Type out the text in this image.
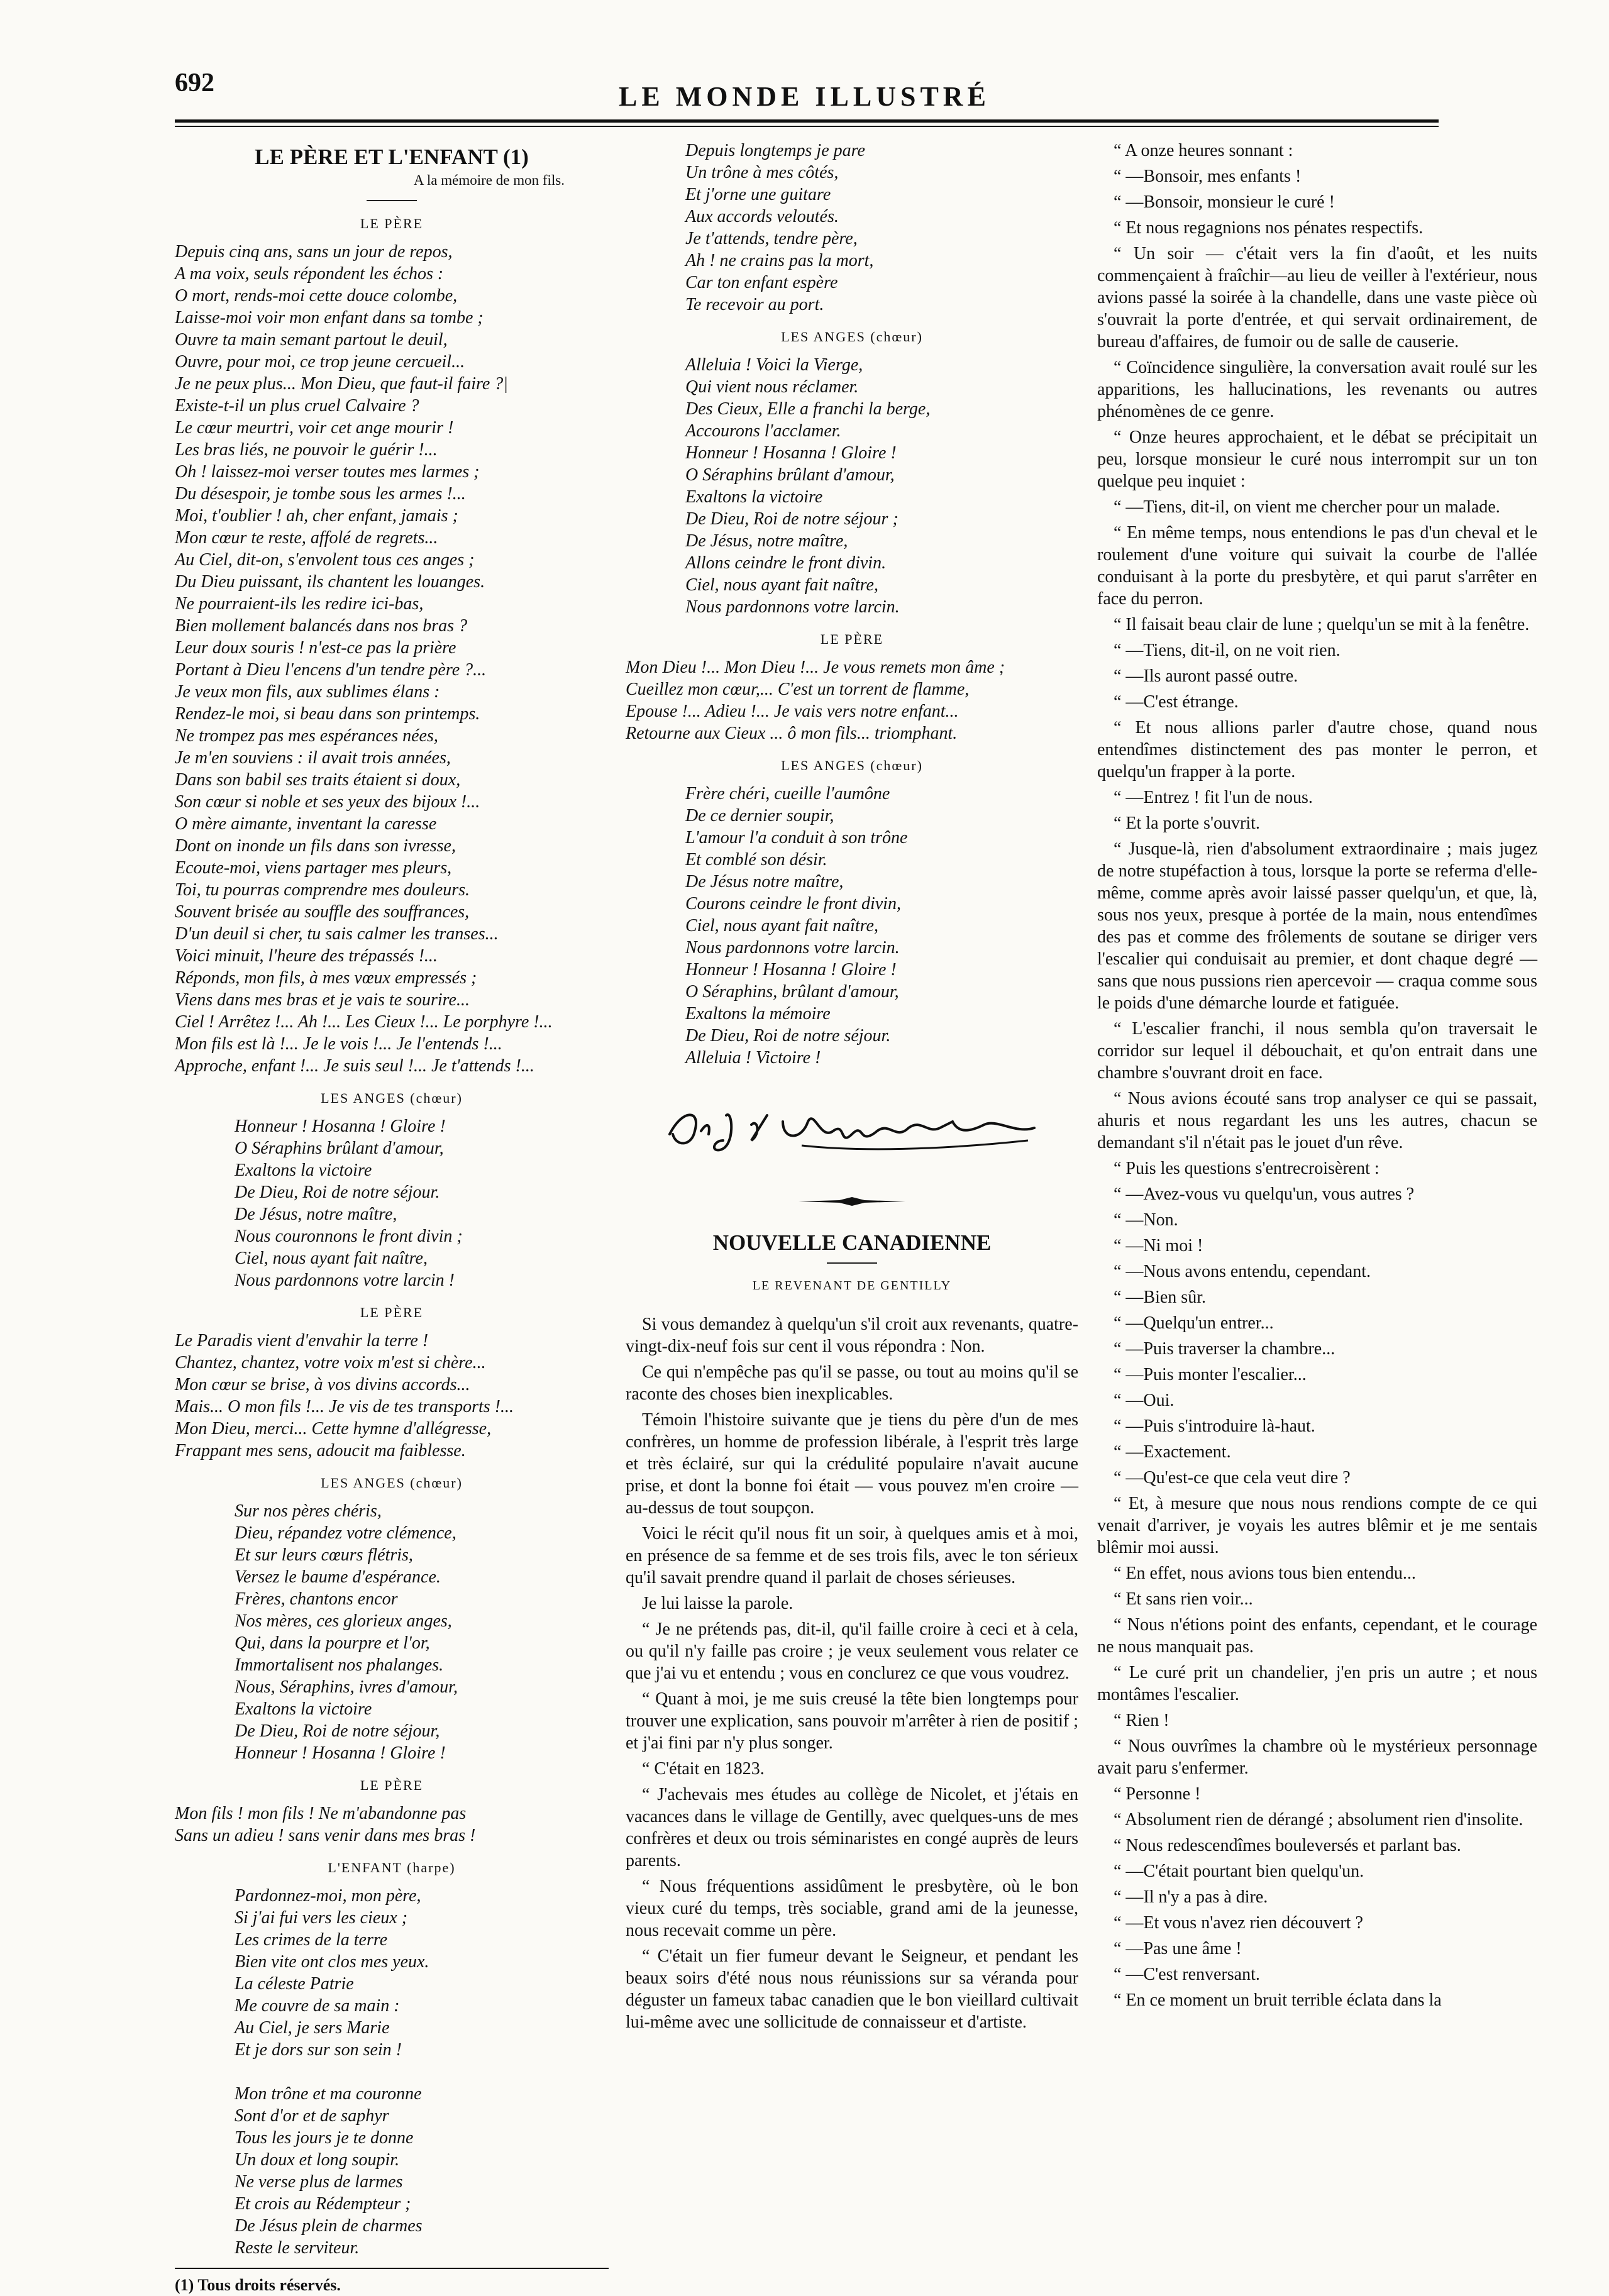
692	LE MONDE ILLUSTRÉ
LE PÈRE ET L'ENFANT (1)
A la mémoire de mon fils.
LE PÈRE
Depuis cinq ans, sans un jour de repos,
A ma voix, seuls répondent les échos :
O mort, rends-moi cette douce colombe,
Laisse-moi voir mon enfant dans sa tombe ;
Ouvre ta main semant partout le deuil,
Ouvre, pour moi, ce trop jeune cercueil...
Je ne peux plus... Mon Dieu, que faut-il faire ?|
Existe-t-il un plus cruel Calvaire ?
Le cœur meurtri, voir cet ange mourir !
Les bras liés, ne pouvoir le guérir !...
Oh ! laissez-moi verser toutes mes larmes ;
Du désespoir, je tombe sous les armes !...
Moi, t'oublier ! ah, cher enfant, jamais ;
Mon cœur te reste, affolé de regrets...
Au Ciel, dit-on, s'envolent tous ces anges ;
Du Dieu puissant, ils chantent les louanges.
Ne pourraient-ils les redire ici-bas,
Bien mollement balancés dans nos bras ?
Leur doux souris ! n'est-ce pas la prière
Portant à Dieu l'encens d'un tendre père ?...
Je veux mon fils, aux sublimes élans :
Rendez-le moi, si beau dans son printemps.
Ne trompez pas mes espérances nées,
Je m'en souviens : il avait trois années,
Dans son babil ses traits étaient si doux,
Son cœur si noble et ses yeux des bijoux !...
O mère aimante, inventant la caresse
Dont on inonde un fils dans son ivresse,
Ecoute-moi, viens partager mes pleurs,
Toi, tu pourras comprendre mes douleurs.
Souvent brisée au souffle des souffrances,
D'un deuil si cher, tu sais calmer les transes...
Voici minuit, l'heure des trépassés !...
Réponds, mon fils, à mes vœux empressés ;
Viens dans mes bras et je vais te sourire...
Ciel ! Arrêtez !... Ah !... Les Cieux !... Le porphyre !...
Mon fils est là !... Je le vois !... Je l'entends !...
Approche, enfant !... Je suis seul !... Je t'attends !...
LES ANGES (chœur)
Honneur ! Hosanna ! Gloire !
O Séraphins brûlant d'amour,
Exaltons la victoire
De Dieu, Roi de notre séjour.
De Jésus, notre maître,
Nous couronnons le front divin ;
Ciel, nous ayant fait naître,
Nous pardonnons votre larcin !
LE PÈRE
Le Paradis vient d'envahir la terre !
Chantez, chantez, votre voix m'est si chère...
Mon cœur se brise, à vos divins accords...
Mais... O mon fils !... Je vis de tes transports !...
Mon Dieu, merci... Cette hymne d'allégresse,
Frappant mes sens, adoucit ma faiblesse.
LES ANGES (chœur)
Sur nos pères chéris,
Dieu, répandez votre clémence,
Et sur leurs cœurs flétris,
Versez le baume d'espérance.
Frères, chantons encor
Nos mères, ces glorieux anges,
Qui, dans la pourpre et l'or,
Immortalisent nos phalanges.
Nous, Séraphins, ivres d'amour,
Exaltons la victoire
De Dieu, Roi de notre séjour,
Honneur ! Hosanna ! Gloire !
LE PÈRE
Mon fils ! mon fils ! Ne m'abandonne pas
Sans un adieu ! sans venir dans mes bras !
L'ENFANT (harpe)
Pardonnez-moi, mon père,
Si j'ai fui vers les cieux ;
Les crimes de la terre
Bien vite ont clos mes yeux.
La céleste Patrie
Me couvre de sa main :
Au Ciel, je sers Marie
Et je dors sur son sein !

Mon trône et ma couronne
Sont d'or et de saphyr
Tous les jours je te donne
Un doux et long soupir.
Ne verse plus de larmes
Et crois au Rédempteur ;
De Jésus plein de charmes
Reste le serviteur.
(1) Tous droits réservés.
Depuis longtemps je pare
Un trône à mes côtés,
Et j'orne une guitare
Aux accords veloutés.
Je t'attends, tendre père,
Ah ! ne crains pas la mort,
Car ton enfant espère
Te recevoir au port.
LES ANGES (chœur)
Alleluia ! Voici la Vierge,
Qui vient nous réclamer.
Des Cieux, Elle a franchi la berge,
Accourons l'acclamer.
Honneur ! Hosanna ! Gloire !
O Séraphins brûlant d'amour,
Exaltons la victoire
De Dieu, Roi de notre séjour ;
De Jésus, notre maître,
Allons ceindre le front divin.
Ciel, nous ayant fait naître,
Nous pardonnons votre larcin.
LE PÈRE
Mon Dieu !... Mon Dieu !... Je vous remets mon âme ;
Cueillez mon cœur,... C'est un torrent de flamme,
Epouse !... Adieu !... Je vais vers notre enfant...
Retourne aux Cieux ... ô mon fils... triomphant.
LES ANGES (chœur)
Frère chéri, cueille l'aumône
De ce dernier soupir,
L'amour l'a conduit à son trône
Et comblé son désir.
De Jésus notre maître,
Courons ceindre le front divin,
Ciel, nous ayant fait naître,
Nous pardonnons votre larcin.
Honneur ! Hosanna ! Gloire !
O Séraphins, brûlant d'amour,
Exaltons la mémoire
De Dieu, Roi de notre séjour.
Alleluia ! Victoire !
NOUVELLE CANADIENNE
LE REVENANT DE GENTILLY

Si vous demandez à quelqu'un s'il croit aux revenants, quatre-vingt-dix-neuf fois sur cent il vous répondra : Non.

Ce qui n'empêche pas qu'il se passe, ou tout au moins qu'il se raconte des choses bien inexplicables.

Témoin l'histoire suivante que je tiens du père d'un de mes confrères, un homme de profession libérale, à l'esprit très large et très éclairé, sur qui la crédulité populaire n'avait aucune prise, et dont la bonne foi était — vous pouvez m'en croire — au-dessus de tout soupçon.

Voici le récit qu'il nous fit un soir, à quelques amis et à moi, en présence de sa femme et de ses trois fils, avec le ton sérieux qu'il savait prendre quand il parlait de choses sérieuses.

Je lui laisse la parole.

“ Je ne prétends pas, dit-il, qu'il faille croire à ceci et à cela, ou qu'il n'y faille pas croire ; je veux seulement vous relater ce que j'ai vu et entendu ; vous en conclurez ce que vous voudrez.

“ Quant à moi, je me suis creusé la tête bien longtemps pour trouver une explication, sans pouvoir m'arrêter à rien de positif ; et j'ai fini par n'y plus songer.

“ C'était en 1823.

“ J'achevais mes études au collège de Nicolet, et j'étais en vacances dans le village de Gentilly, avec quelques-uns de mes confrères et deux ou trois séminaristes en congé auprès de leurs parents.

“ Nous fréquentions assidûment le presbytère, où le bon vieux curé du temps, très sociable, grand ami de la jeunesse, nous recevait comme un père.

“ C'était un fier fumeur devant le Seigneur, et pendant les beaux soirs d'été nous nous réunissions sur sa véranda pour déguster un fameux tabac canadien que le bon vieillard cultivait lui-même avec une sollicitude de connaisseur et d'artiste.

“ A onze heures sonnant :

“ —Bonsoir, mes enfants !

“ —Bonsoir, monsieur le curé !

“ Et nous regagnions nos pénates respectifs.

“ Un soir — c'était vers la fin d'août, et les nuits commençaient à fraîchir—au lieu de veiller à l'extérieur, nous avions passé la soirée à la chandelle, dans une vaste pièce où s'ouvrait la porte d'entrée, et qui servait ordinairement, de bureau d'affaires, de fumoir ou de salle de causerie.

“ Coïncidence singulière, la conversation avait roulé sur les apparitions, les hallucinations, les revenants ou autres phénomènes de ce genre.

“ Onze heures approchaient, et le débat se précipitait un peu, lorsque monsieur le curé nous interrompit sur un ton quelque peu inquiet :

“ —Tiens, dit-il, on vient me chercher pour un malade.

“ En même temps, nous entendions le pas d'un cheval et le roulement d'une voiture qui suivait la courbe de l'allée conduisant à la porte du presbytère, et qui parut s'arrêter en face du perron.

“ Il faisait beau clair de lune ; quelqu'un se mit à la fenêtre.

“ —Tiens, dit-il, on ne voit rien.

“ —Ils auront passé outre.

“ —C'est étrange.

“ Et nous allions parler d'autre chose, quand nous entendîmes distinctement des pas monter le perron, et quelqu'un frapper à la porte.

“ —Entrez ! fit l'un de nous.

“ Et la porte s'ouvrit.

“ Jusque-là, rien d'absolument extraordinaire ; mais jugez de notre stupéfaction à tous, lorsque la porte se referma d'elle-même, comme après avoir laissé passer quelqu'un, et que, là, sous nos yeux, presque à portée de la main, nous entendîmes des pas et comme des frôlements de soutane se diriger vers l'escalier qui conduisait au premier, et dont chaque degré — sans que nous pussions rien apercevoir — craqua comme sous le poids d'une démarche lourde et fatiguée.

“ L'escalier franchi, il nous sembla qu'on traversait le corridor sur lequel il débouchait, et qu'on entrait dans une chambre s'ouvrant droit en face.

“ Nous avions écouté sans trop analyser ce qui se passait, ahuris et nous regardant les uns les autres, chacun se demandant s'il n'était pas le jouet d'un rêve.

“ Puis les questions s'entrecroisèrent :

“ —Avez-vous vu quelqu'un, vous autres ?

“ —Non.

“ —Ni moi !

“ —Nous avons entendu, cependant.

“ —Bien sûr.

“ —Quelqu'un entrer...

“ —Puis traverser la chambre...

“ —Puis monter l'escalier...

“ —Oui.

“ —Puis s'introduire là-haut.

“ —Exactement.

“ —Qu'est-ce que cela veut dire ?

“ Et, à mesure que nous nous rendions compte de ce qui venait d'arriver, je voyais les autres blêmir et je me sentais blêmir moi aussi.

“ En effet, nous avions tous bien entendu...

“ Et sans rien voir...

“ Nous n'étions point des enfants, cependant, et le courage ne nous manquait pas.

“ Le curé prit un chandelier, j'en pris un autre ; et nous montâmes l'escalier.

“ Rien !

“ Nous ouvrîmes la chambre où le mystérieux personnage avait paru s'enfermer.

“ Personne !

“ Absolument rien de dérangé ; absolument rien d'insolite.

“ Nous redescendîmes bouleversés et parlant bas.

“ —C'était pourtant bien quelqu'un.

“ —Il n'y a pas à dire.

“ —Et vous n'avez rien découvert ?

“ —Pas une âme !

“ —C'est renversant.

“ En ce moment un bruit terrible éclata dans la
